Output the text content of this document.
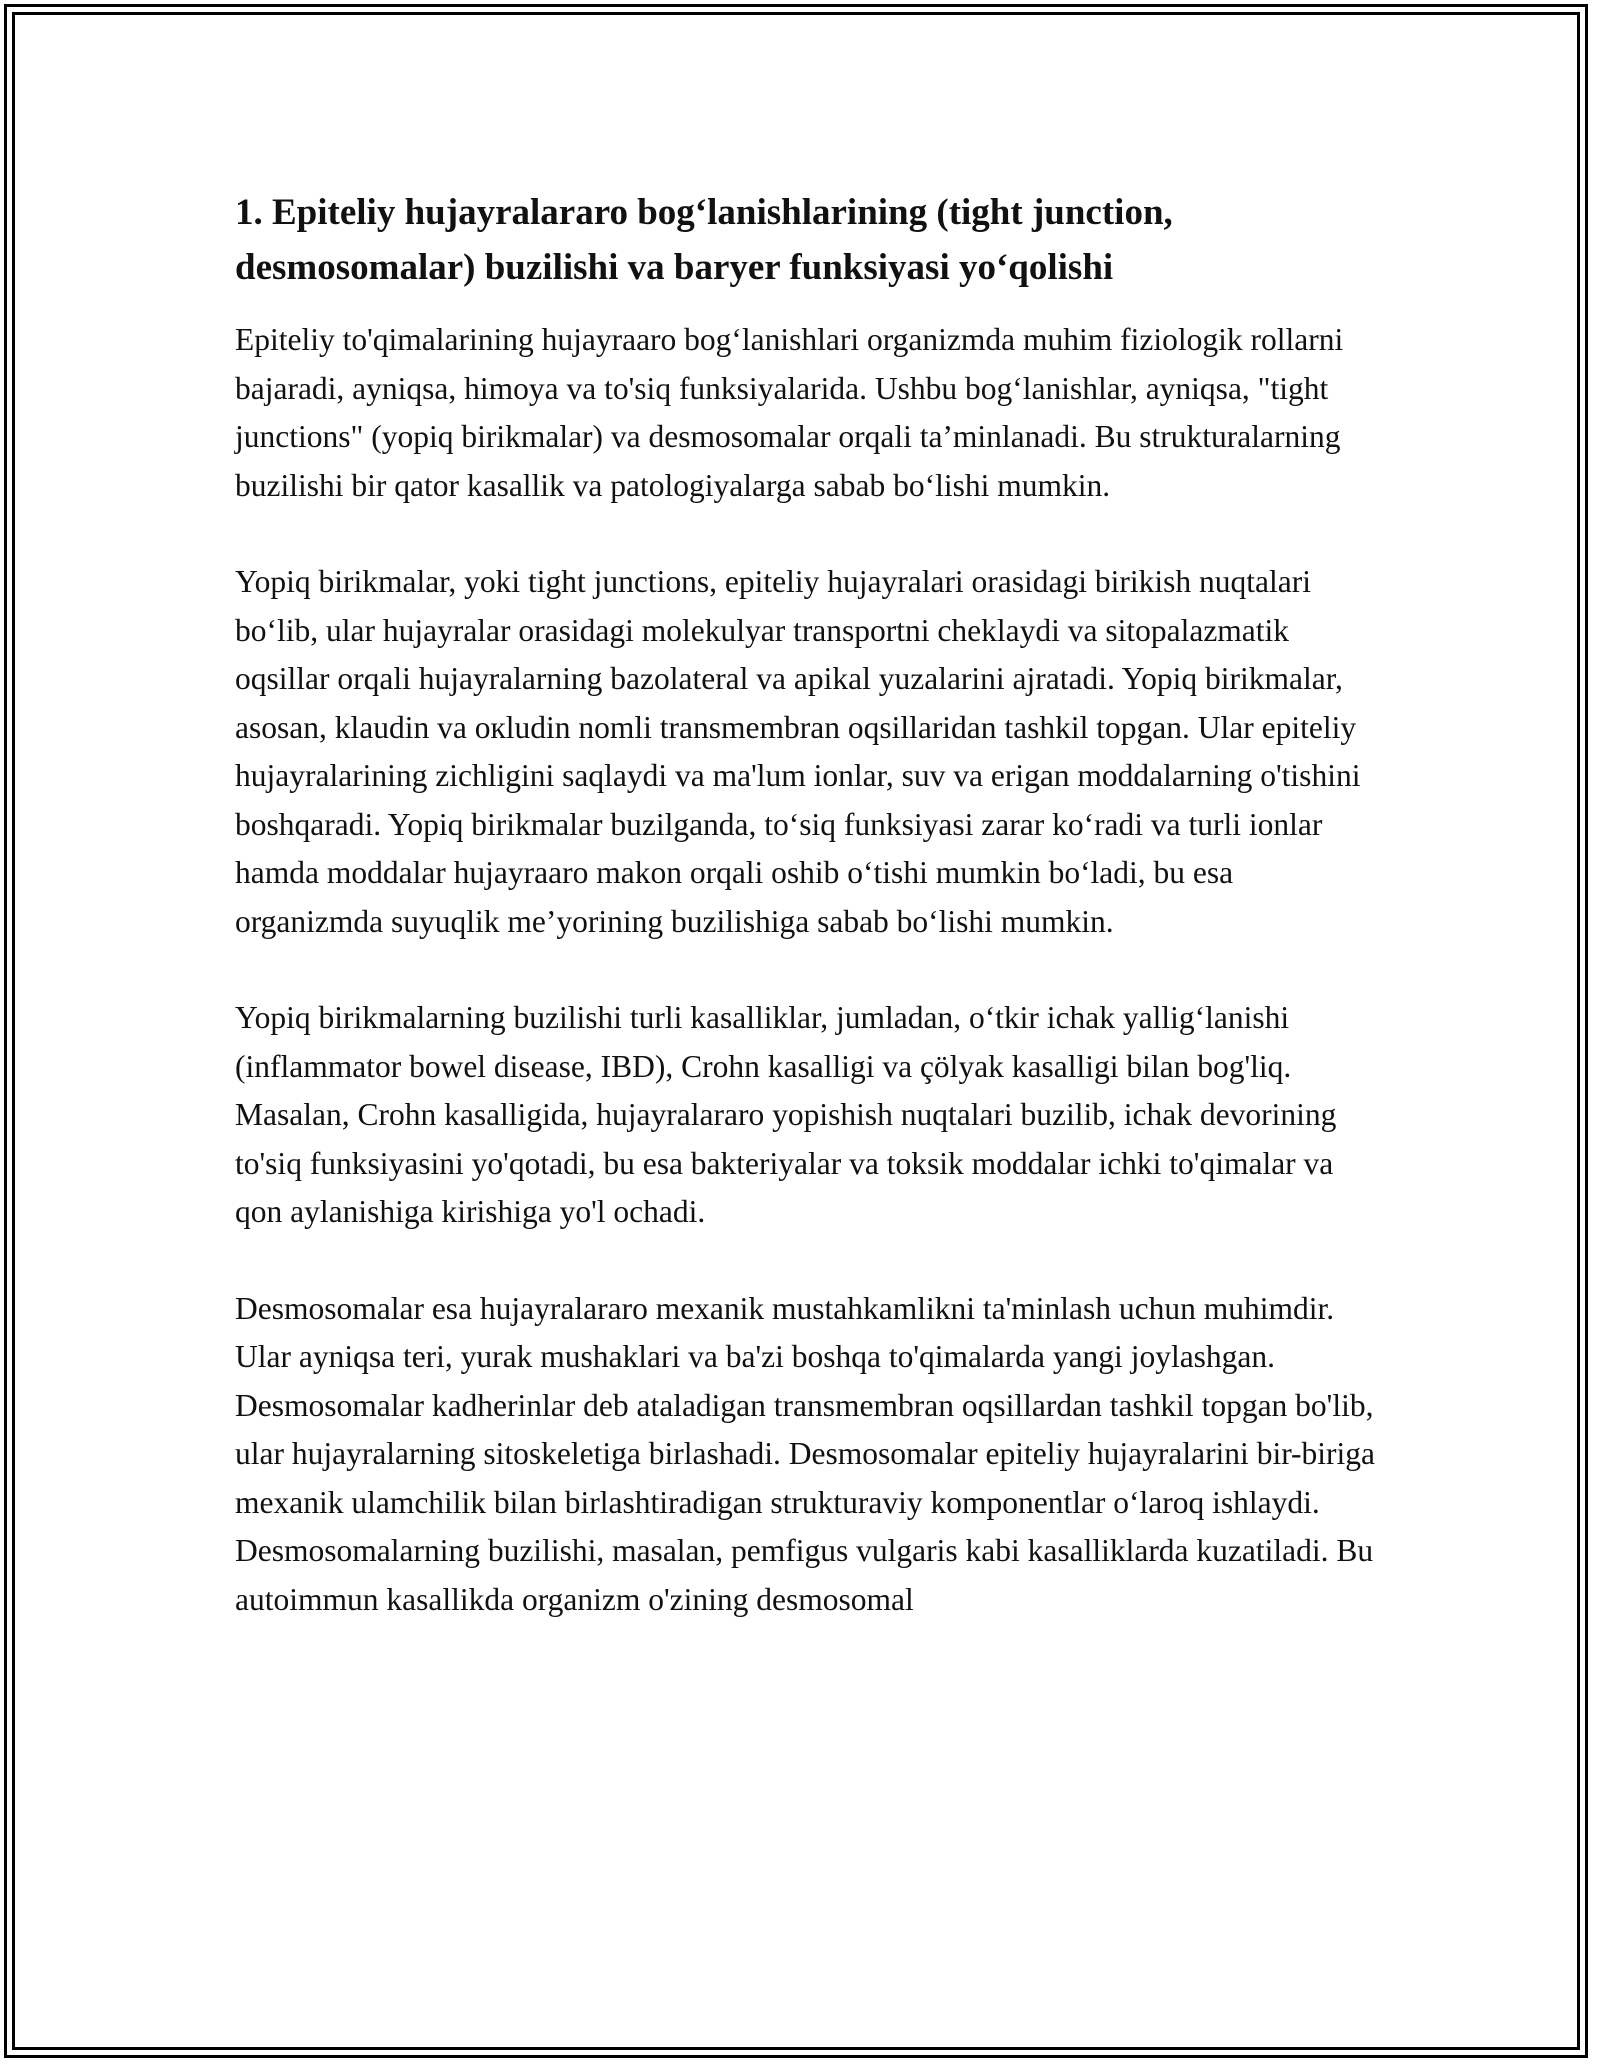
1. Epiteliy hujayralararo bog‘lanishlarining (tight junction, desmosomalar) buzilishi va baryer funksiyasi yo‘qolishi

Epiteliy to'qimalarining hujayraaro bog‘lanishlari organizmda muhim fiziologik rollarni bajaradi, ayniqsa, himoya va to'siq funksiyalarida. Ushbu bog‘lanishlar, ayniqsa, "tight junctions" (yopiq birikmalar) va desmosomalar orqali ta’minlanadi. Bu strukturalarning buzilishi bir qator kasallik va patologiyalarga sabab bo‘lishi mumkin.

Yopiq birikmalar, yoki tight junctions, epiteliy hujayralari orasidagi birikish nuqtalari bo‘lib, ular hujayralar orasidagi molekulyar transportni cheklaydi va sitopalazmatik oqsillar orqali hujayralarning bazolateral va apikal yuzalarini ajratadi. Yopiq birikmalar, asosan, klaudin va окludin nomli transmembran oqsillaridan tashkil topgan. Ular epiteliy hujayralarining zichligini saqlaydi va ma'lum ionlar, suv va erigan moddalarning o'tishini boshqaradi. Yopiq birikmalar buzilganda, to‘siq funksiyasi zarar ko‘radi va turli ionlar hamda moddalar hujayraaro makon orqali oshib o‘tishi mumkin bo‘ladi, bu esa organizmda suyuqlik me’yorining buzilishiga sabab bo‘lishi mumkin.

Yopiq birikmalarning buzilishi turli kasalliklar, jumladan, o‘tkir ichak yallig‘lanishi (inflammator bowel disease, IBD), Crohn kasalligi va çölyak kasalligi bilan bog'liq. Masalan, Crohn kasalligida, hujayralararo yopishish nuqtalari buzilib, ichak devorining to'siq funksiyasini yo'qotadi, bu esa bakteriyalar va toksik moddalar ichki to'qimalar va qon aylanishiga kirishiga yo'l ochadi.

Desmosomalar esa hujayralararo mexanik mustahkamlikni ta'minlash uchun muhimdir. Ular ayniqsa teri, yurak mushaklari va ba'zi boshqa to'qimalarda yangi joylashgan. Desmosomalar kadherinlar deb ataladigan transmembran oqsillardan tashkil topgan bo'lib, ular hujayralarning sitoskeletiga birlashadi. Desmosomalar epiteliy hujayralarini bir-biriga mexanik ulamchilik bilan birlashtiradigan strukturaviy komponentlar o‘laroq ishlaydi. Desmosomalarning buzilishi, masalan, pemfigus vulgaris kabi kasalliklarda kuzatiladi. Bu autoimmun kasallikda organizm o'zining desmosomal
